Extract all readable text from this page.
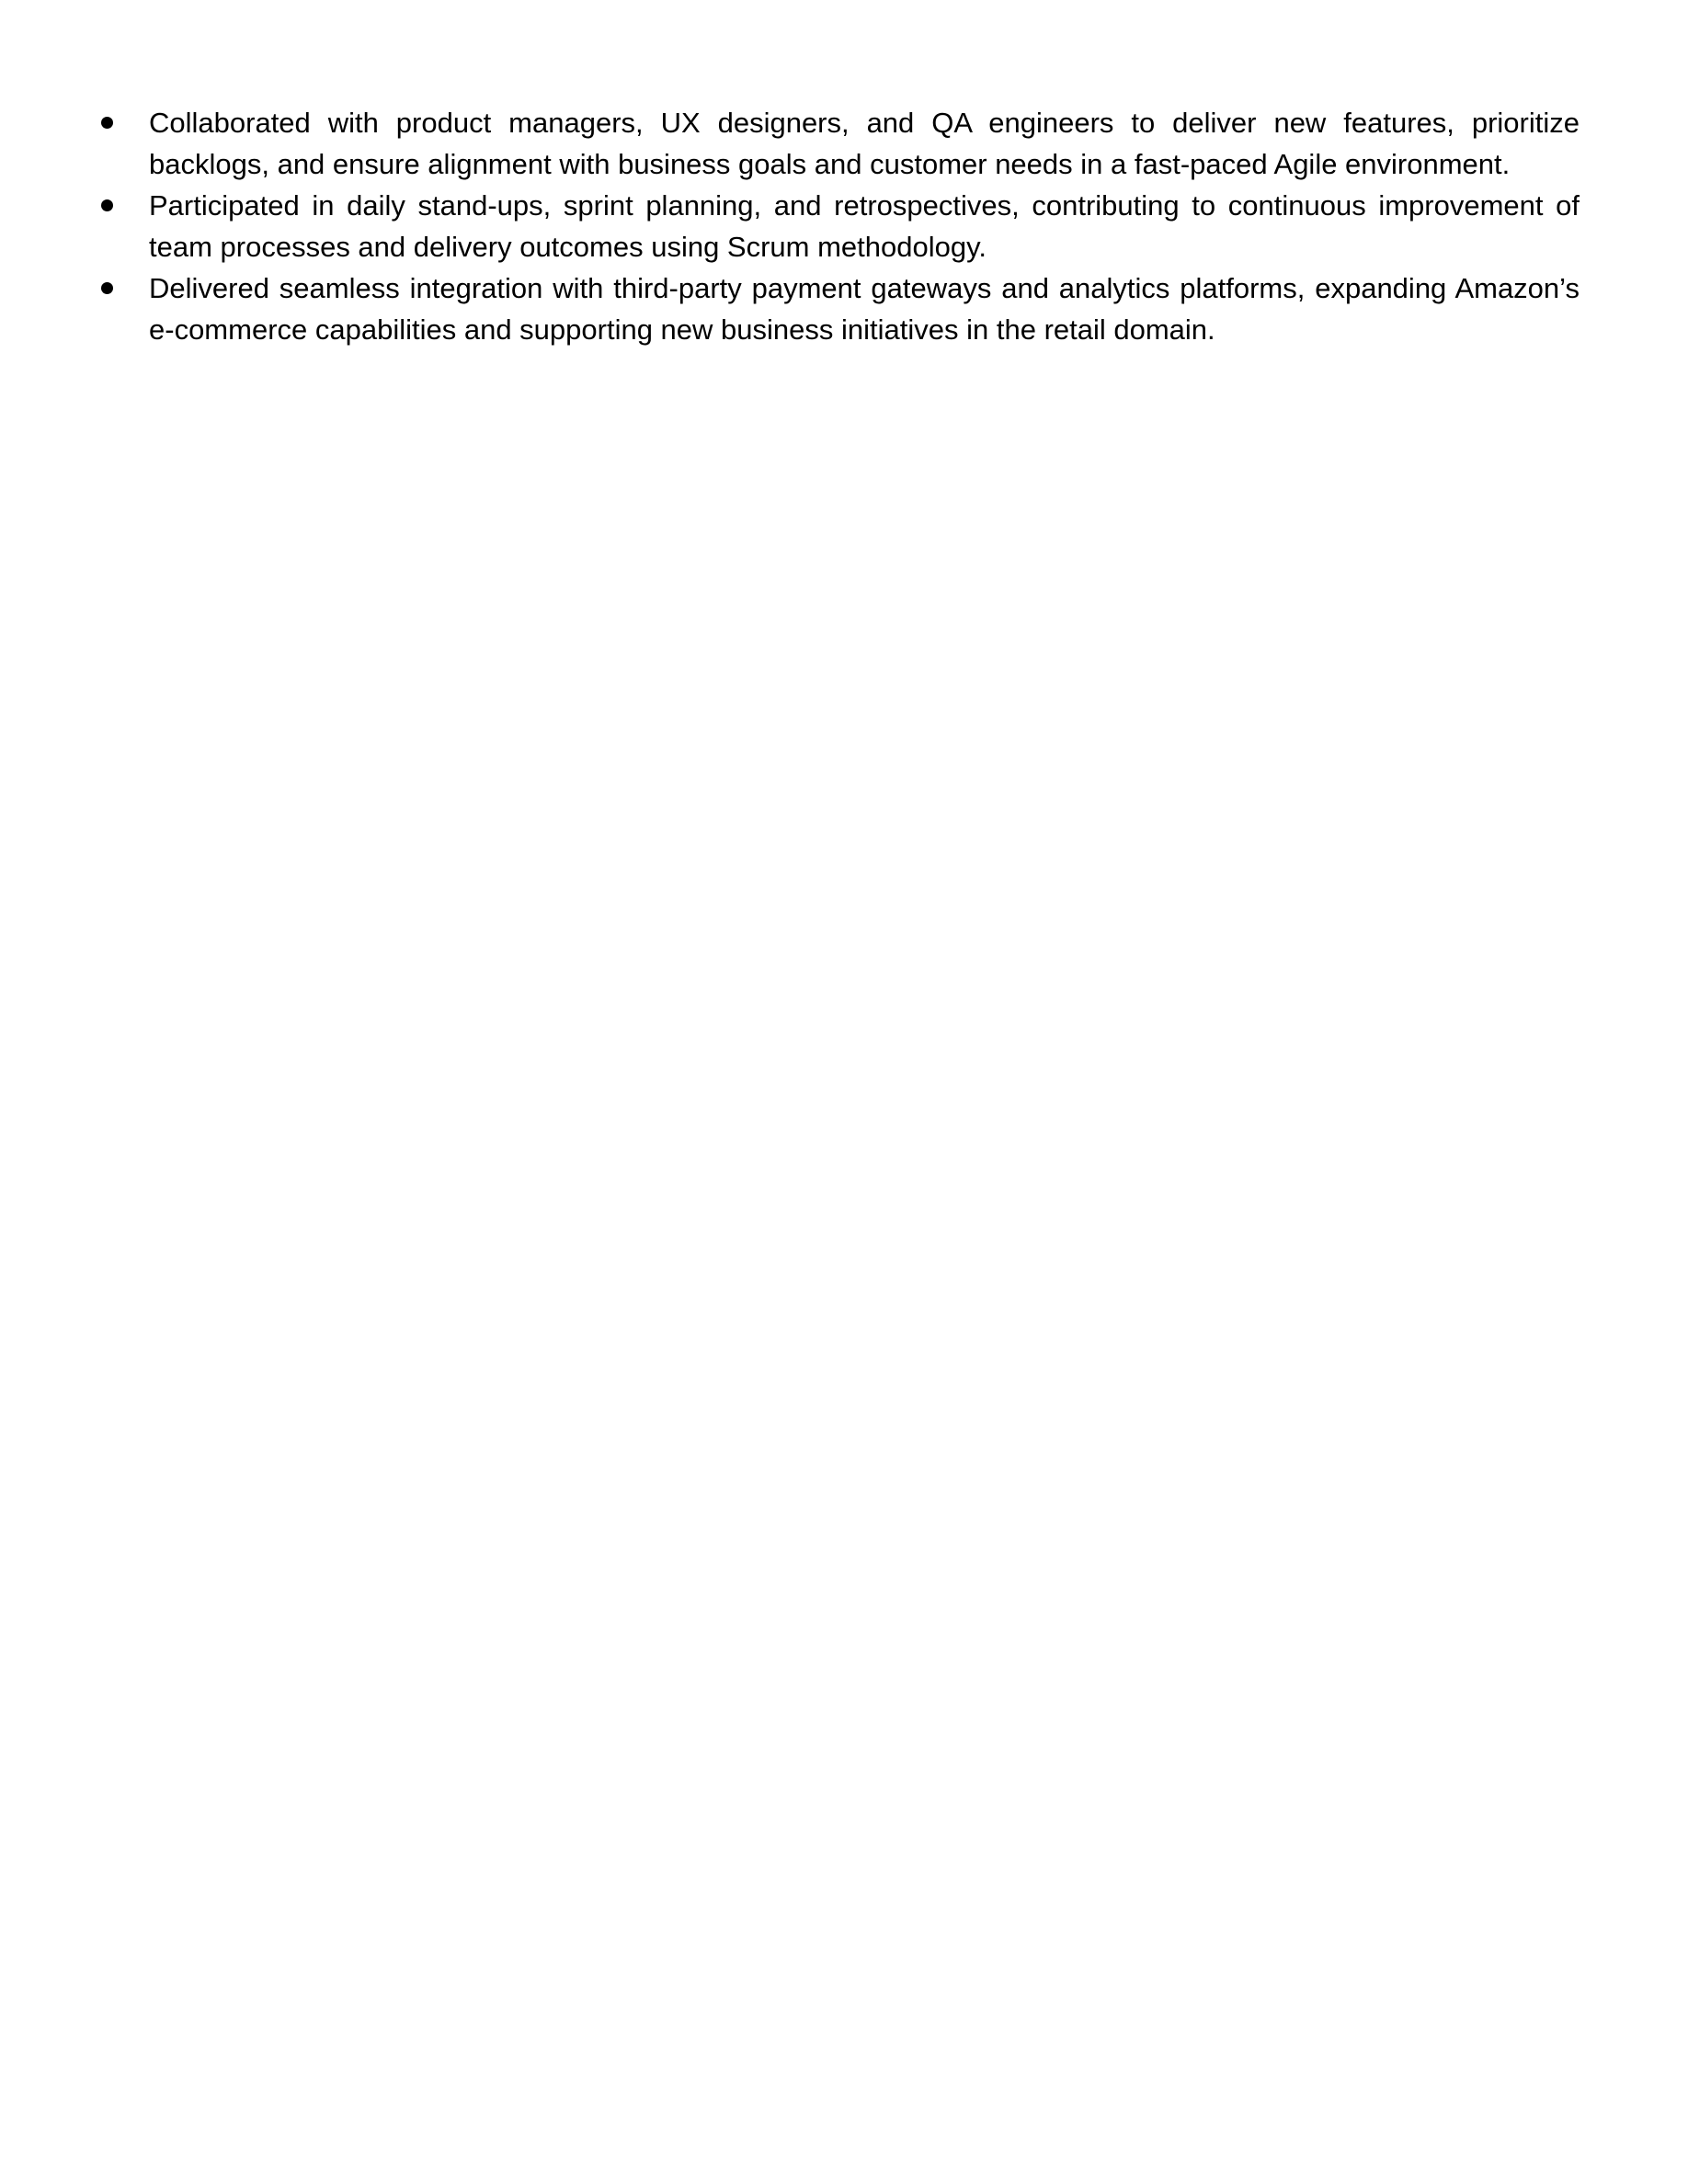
Collaborated with product managers, UX designers, and QA engineers to deliver new features, prioritize backlogs, and ensure alignment with business goals and customer needs in a fast-paced Agile environment.
Participated in daily stand-ups, sprint planning, and retrospectives, contributing to continuous improvement of team processes and delivery outcomes using Scrum methodology.
Delivered seamless integration with third-party payment gateways and analytics platforms, expanding Amazon’s e-commerce capabilities and supporting new business initiatives in the retail domain.
